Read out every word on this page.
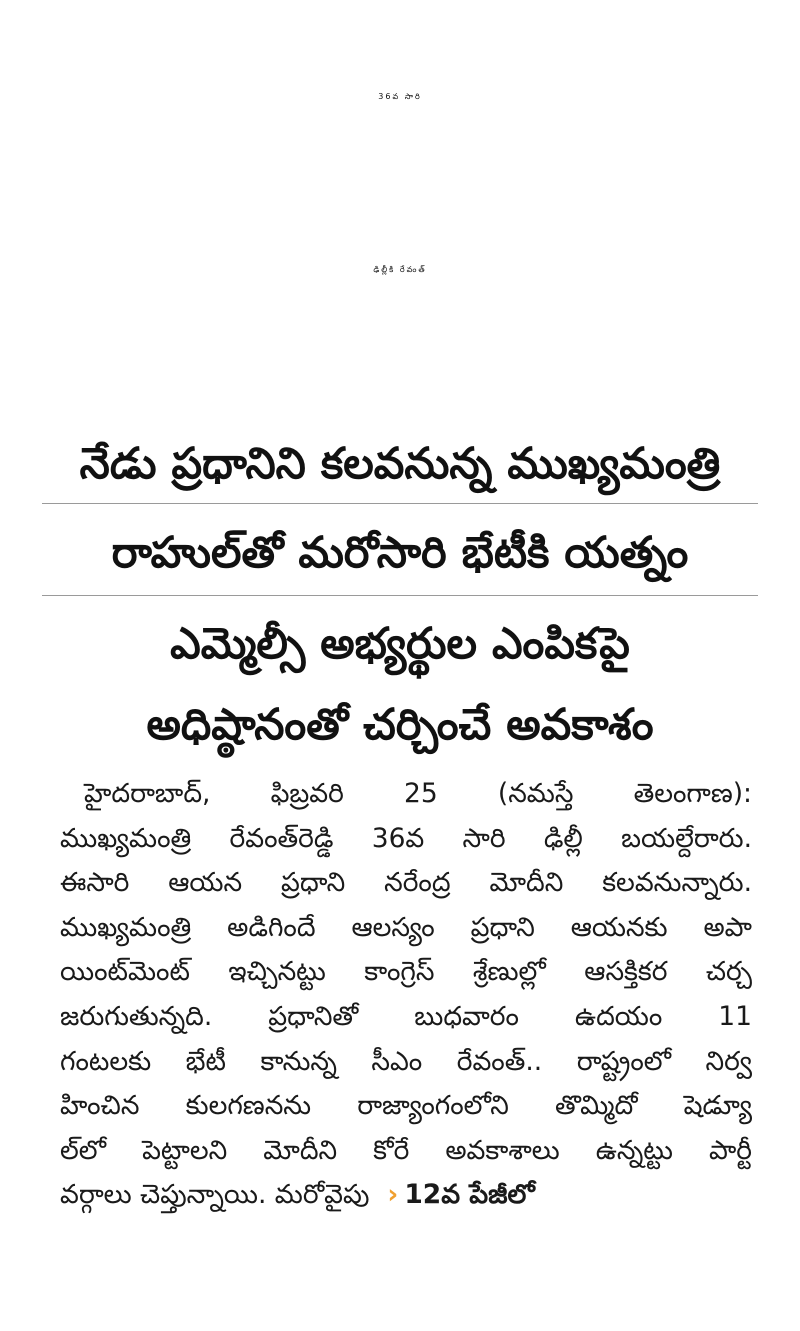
36వ సారి
ఢిల్లీకి రేవంత్‌
నేడు ప్రధానిని కలవనున్న ముఖ్యమంత్రి
రాహుల్‌తో మరోసారి భేటీకి యత్నం
ఎమ్మెల్సీ అభ్యర్థుల ఎంపికపై
అధిష్ఠానంతో చర్చించే అవకాశం
హైదరాబాద్‌, ఫిబ్రవరి 25 (నమస్తే తెలంగాణ):
ముఖ్యమంత్రి రేవంత్‌రెడ్డి 36వ సారి ఢిల్లీ బయల్దేరారు.
ఈసారి ఆయన ప్రధాని నరేంద్ర మోదీని కలవనున్నారు.
ముఖ్యమంత్రి అడిగిందే ఆలస్యం ప్రధాని ఆయనకు అపా
యింట్‌మెంట్‌ ఇచ్చినట్టు కాంగ్రెస్‌ శ్రేణుల్లో ఆసక్తికర చర్చ
జరుగుతున్నది. ప్రధానితో బుధవారం ఉదయం 11
గంటలకు భేటీ కానున్న సీఎం రేవంత్‌.. రాష్ట్రంలో నిర్వ
హించిన కులగణనను రాజ్యాంగంలోని తొమ్మిదో షెడ్యూ
ల్‌లో పెట్టాలని మోదీని కోరే అవకాశాలు ఉన్నట్టు పార్టీ
వర్గాలు చెప్తున్నాయి. మరోవైపు › 12వ పేజీలో
